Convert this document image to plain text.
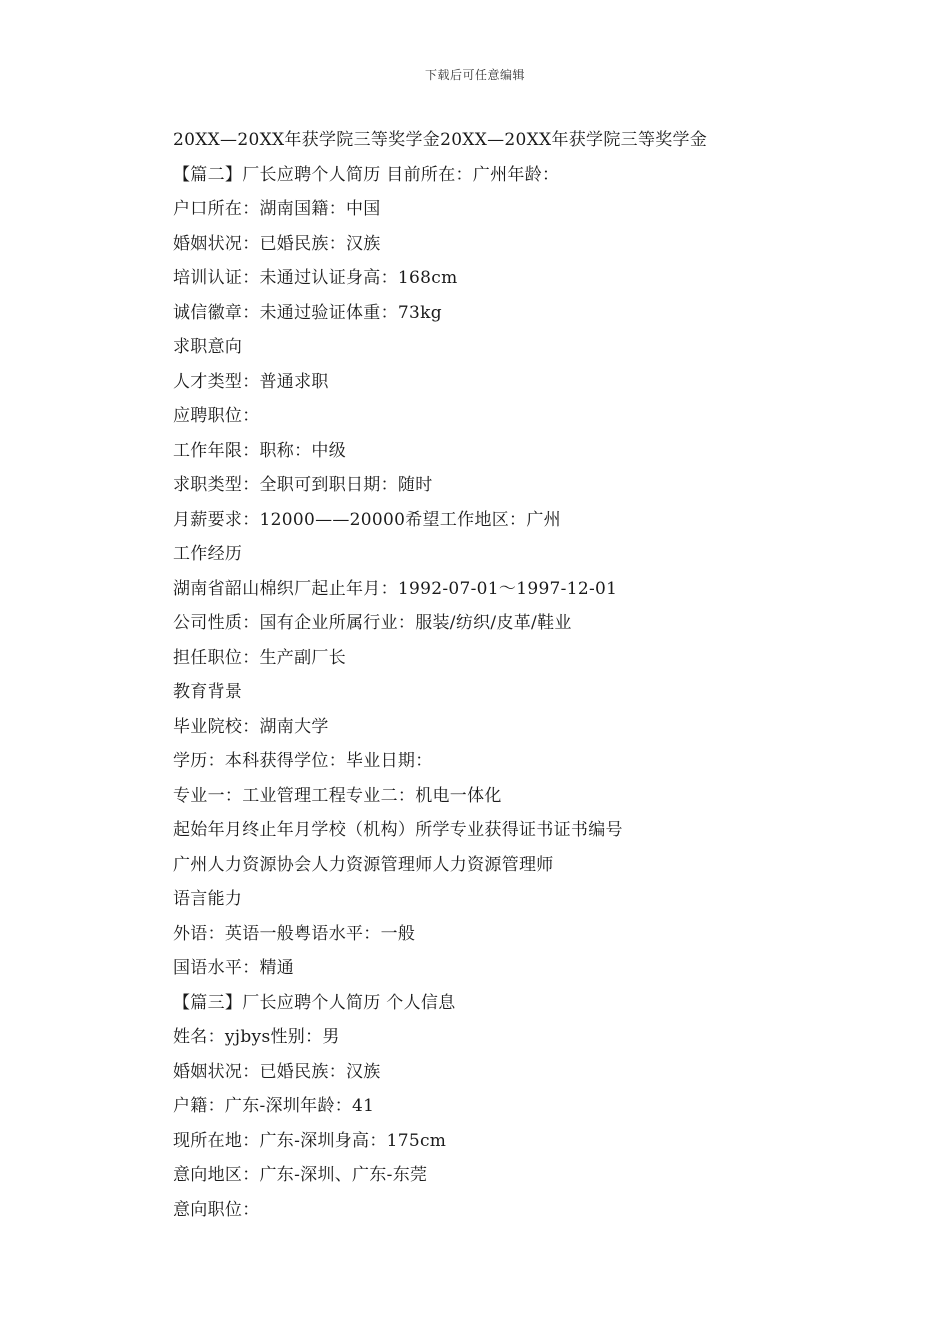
下载后可任意编辑
20XX—20XX年获学院三等奖学金20XX—20XX年获学院三等奖学金
【篇二】厂长应聘个人简历 目前所在：广州年龄：
户口所在：湖南国籍：中国
婚姻状况：已婚民族：汉族
培训认证：未通过认证身高：168cm
诚信徽章：未通过验证体重：73kg
求职意向
人才类型：普通求职
应聘职位：
工作年限：职称：中级
求职类型：全职可到职日期：随时
月薪要求：12000——20000希望工作地区：广州
工作经历
湖南省韶山棉织厂起止年月：1992-07-01～1997-12-01
公司性质：国有企业所属行业：服装/纺织/皮革/鞋业
担任职位：生产副厂长
教育背景
毕业院校：湖南大学
学历：本科获得学位：毕业日期：
专业一：工业管理工程专业二：机电一体化
起始年月终止年月学校（机构）所学专业获得证书证书编号
广州人力资源协会人力资源管理师人力资源管理师
语言能力
外语：英语一般粤语水平：一般
国语水平：精通
【篇三】厂长应聘个人简历 个人信息
姓名：yjbys性别：男
婚姻状况：已婚民族：汉族
户籍：广东-深圳年龄：41
现所在地：广东-深圳身高：175cm
意向地区：广东-深圳、广东-东莞
意向职位：
